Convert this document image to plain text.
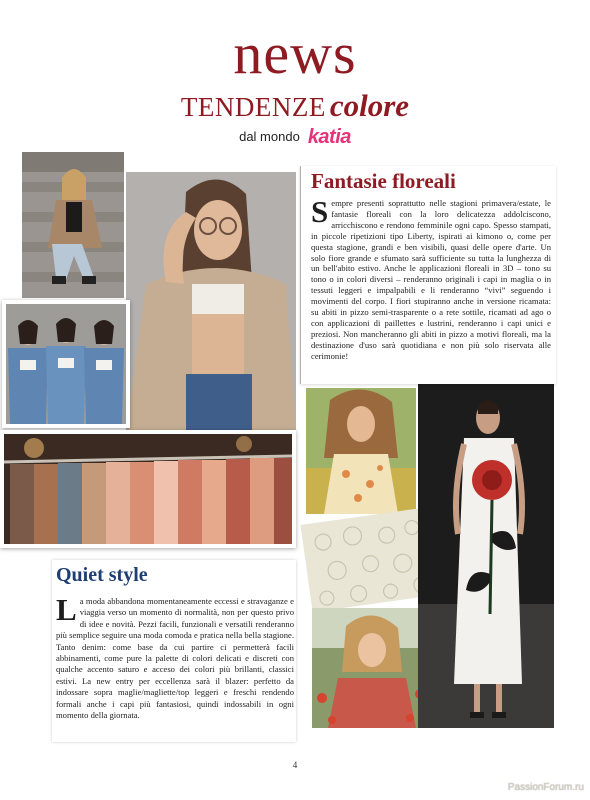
news
TENDENZE colore
dal mondo katia
Fantasie floreali
Sempre presenti soprattutto nelle stagioni primavera/estate, le fantasie floreali con la loro delicatezza addolciscono, arricchiscono e rendono femminile ogni capo. Spesso stampati, in piccole ripetizioni tipo Liberty, ispirati ai kimono o, come per questa stagione, grandi e ben visibili, quasi delle opere d'arte. Un solo fiore grande e sfumato sarà sufficiente su tutta la lunghezza di un bell'abito estivo. Anche le applicazioni floreali in 3D – tono su tono o in colori diversi – renderanno originali i capi in maglia o in tessuti leggeri e impalpabili e li renderanno “vivi” seguendo i movimenti del corpo. I fiori stupiranno anche in versione ricamata: su abiti in pizzo semi-trasparente o a rete sottile, ricamati ad ago o con applicazioni di paillettes e lustrini, renderanno i capi unici e preziosi. Non mancheranno gli abiti in pizzo a motivi floreali, ma la destinazione d'uso sarà quotidiana e non più solo riservata alle cerimonie!
Quiet style
La moda abbandona momentaneamente eccessi e stravaganze e viaggia verso un momento di normalità, non per questo privo di idee e novità. Pezzi facili, funzionali e versatili renderanno più semplice seguire una moda comoda e pratica nella bella stagione. Tanto denim: come base da cui partire ci permetterà facili abbinamenti, come pure la palette di colori delicati e discreti con qualche accento saturo e acceso dei colori più brillanti, classici estivi. La new entry per eccellenza sarà il blazer: perfetto da indossare sopra maglie/magliette/top leggeri e freschi rendendo formali anche i capi più fantasiosi, quindi indossabili in ogni momento della giornata.
4
PassionForum.ru
